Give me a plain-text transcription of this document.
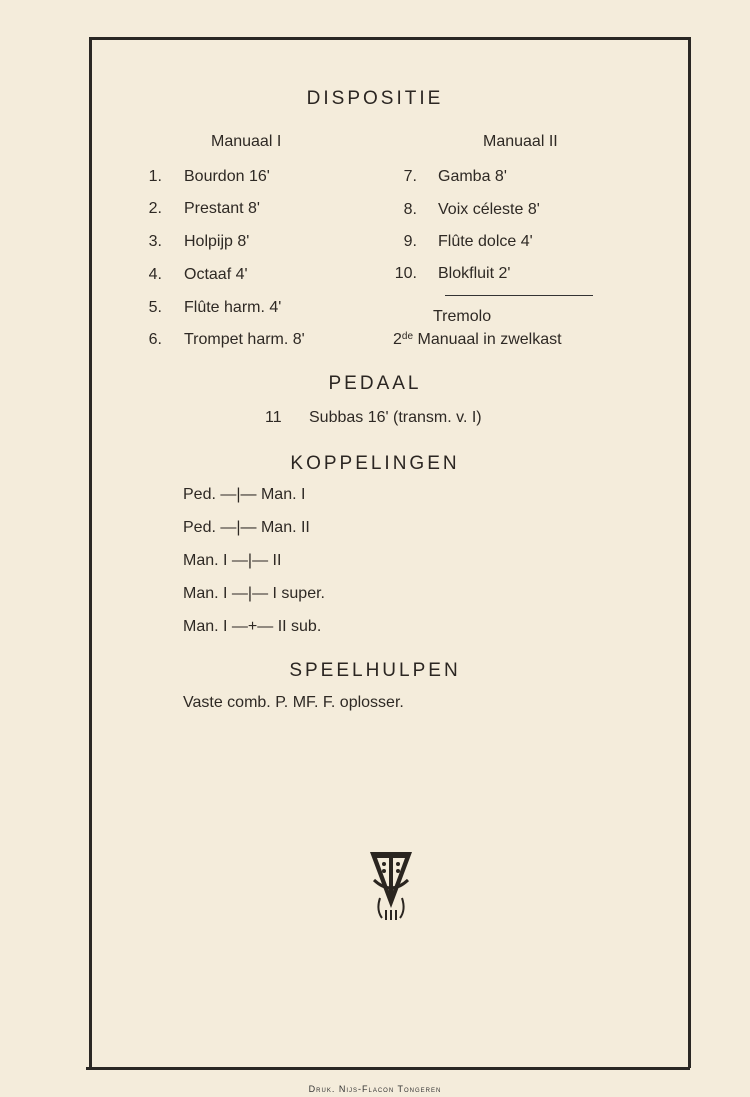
DISPOSITIE
Manuaal I	Manuaal II
1. Bourdon 16'
2. Prestant 8'
3. Holpijp 8'
4. Octaaf 4'
5. Flûte harm. 4'
6. Trompet harm. 8'
7. Gamba 8'
8. Voix céleste 8'
9. Flûte dolce 4'
10. Blokfluit 2'
Tremolo
2de Manuaal in zwelkast
PEDAAL
11 Subbas 16' (transm. v. I)
KOPPELINGEN
Ped. —|— Man. I
Ped. —|— Man. II
Man. I —|— II
Man. I —|— I super.
Man. I —+— II sub.
SPEELHULPEN
Vaste comb. P. MF. F. oplosser.
Druk. Nijs-Flacon Tongeren
